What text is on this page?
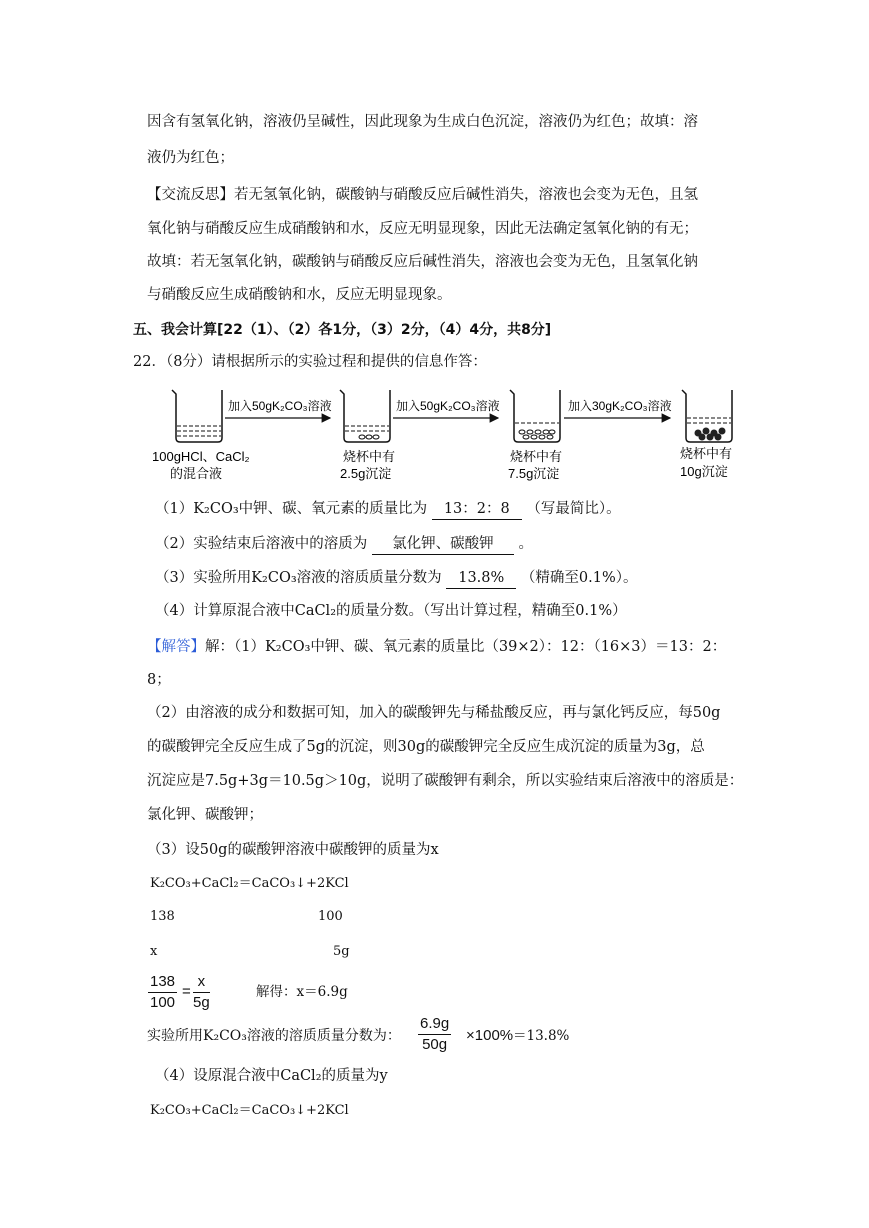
因含有氢氧化钠，溶液仍呈碱性，因此现象为生成白色沉淀，溶液仍为红色；故填：溶
液仍为红色；
【交流反思】若无氢氧化钠，碳酸钠与硝酸反应后碱性消失，溶液也会变为无色，且氢
氧化钠与硝酸反应生成硝酸钠和水，反应无明显现象，因此无法确定氢氧化钠的有无；
故填：若无氢氧化钠，碳酸钠与硝酸反应后碱性消失，溶液也会变为无色，且氢氧化钠
与硝酸反应生成硝酸钠和水，反应无明显现象。
五、我会计算[22（1）、（2）各1分，（3）2分，（4）4分，共8分]
22．（8分）请根据所示的实验过程和提供的信息作答：
加入50gK₂CO₃溶液	加入50gK₂CO₃溶液	加入30gK₂CO₃溶液
100gHCl、CaCl₂
的混合液
烧杯中有
2.5g沉淀
烧杯中有
7.5g沉淀
烧杯中有
10g沉淀
（1）K₂CO₃中钾、碳、氧元素的质量比为 13：2：8 （写最简比）。
（2）实验结束后溶液中的溶质为 氯化钾、碳酸钾 。
（3）实验所用K₂CO₃溶液的溶质质量分数为 13.8% （精确至0.1%）。
（4）计算原混合液中CaCl₂的质量分数。（写出计算过程，精确至0.1%）
【解答】解：（1）K₂CO₃中钾、碳、氧元素的质量比（39×2）：12：（16×3）＝13：2：
8；
（2）由溶液的成分和数据可知，加入的碳酸钾先与稀盐酸反应，再与氯化钙反应，每50g
的碳酸钾完全反应生成了5g的沉淀，则30g的碳酸钾完全反应生成沉淀的质量为3g，总
沉淀应是7.5g+3g＝10.5g＞10g，说明了碳酸钾有剩余，所以实验结束后溶液中的溶质是：
氯化钾、碳酸钾；
（3）设50g的碳酸钾溶液中碳酸钾的质量为x
K₂CO₃+CaCl₂＝CaCO₃↓+2KCl
138	100
x	5g
$\frac{138}{100} = \frac{x}{5g}$	解得：x＝6.9g
实验所用K₂CO₃溶液的溶质质量分数为： $\frac{6.9g}{50g} \times 100\% =13.8\%$
（4）设原混合液中CaCl₂的质量为y
K₂CO₃+CaCl₂＝CaCO₃↓+2KCl
